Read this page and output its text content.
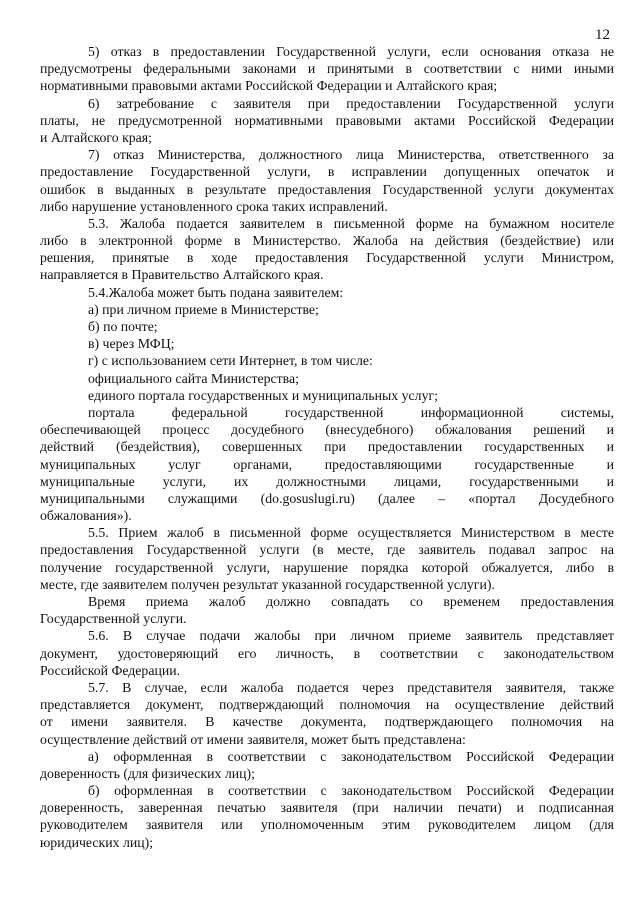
12
5) отказ в предоставлении Государственной услуги, если основания отказа не
предусмотрены федеральными законами и принятыми в соответствии с ними иными
нормативными правовыми актами Российской Федерации и Алтайского края;
6) затребование с заявителя при предоставлении Государственной услуги
платы, не предусмотренной нормативными правовыми актами Российской Федерации
и Алтайского края;
7) отказ Министерства, должностного лица Министерства, ответственного за
предоставление Государственной услуги, в исправлении допущенных опечаток и
ошибок в выданных в результате предоставления Государственной услуги документах
либо нарушение установленного срока таких исправлений.
5.3. Жалоба подается заявителем в письменной форме на бумажном носителе
либо в электронной форме в Министерство. Жалоба на действия (бездействие) или
решения, принятые в ходе предоставления Государственной услуги Министром,
направляется в Правительство Алтайского края.
5.4.Жалоба может быть подана заявителем:
а) при личном приеме в Министерстве;
б) по почте;
в) через МФЦ;
г) с использованием сети Интернет, в том числе:
официального сайта Министерства;
единого портала государственных и муниципальных услуг;
портала федеральной государственной информационной системы,
обеспечивающей процесс досудебного (внесудебного) обжалования решений и
действий (бездействия), совершенных при предоставлении государственных и
муниципальных услуг органами, предоставляющими государственные и
муниципальные услуги, их должностными лицами, государственными и
муниципальными служащими (do.gosuslugi.ru) (далее – «портал Досудебного
обжалования»).
5.5. Прием жалоб в письменной форме осуществляется Министерством в месте
предоставления Государственной услуги (в месте, где заявитель подавал запрос на
получение государственной услуги, нарушение порядка которой обжалуется, либо в
месте, где заявителем получен результат указанной государственной услуги).
Время приема жалоб должно совпадать со временем предоставления
Государственной услуги.
5.6. В случае подачи жалобы при личном приеме заявитель представляет
документ, удостоверяющий его личность, в соответствии с законодательством
Российской Федерации.
5.7. В случае, если жалоба подается через представителя заявителя, также
представляется документ, подтверждающий полномочия на осуществление действий
от имени заявителя. В качестве документа, подтверждающего полномочия на
осуществление действий от имени заявителя, может быть представлена:
а) оформленная в соответствии с законодательством Российской Федерации
доверенность (для физических лиц);
б) оформленная в соответствии с законодательством Российской Федерации
доверенность, заверенная печатью заявителя (при наличии печати) и подписанная
руководителем заявителя или уполномоченным этим руководителем лицом (для
юридических лиц);
